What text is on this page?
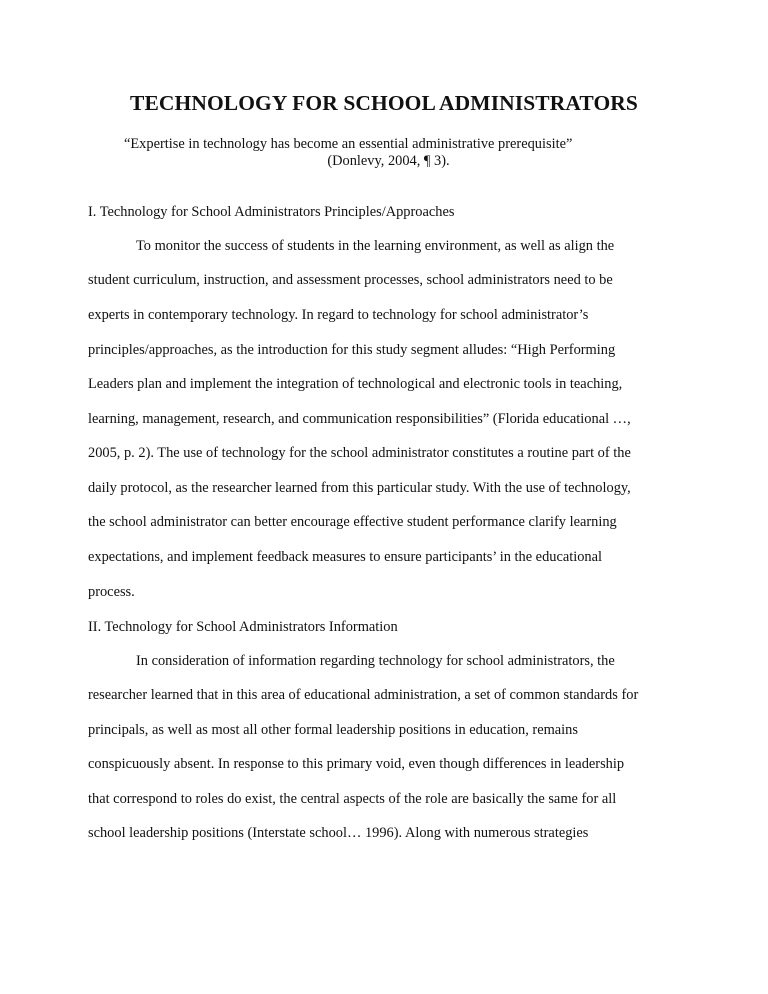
TECHNOLOGY FOR SCHOOL ADMINISTRATORS
“Expertise in technology has become an essential administrative prerequisite”
(Donlevy, 2004, ¶ 3).
I. Technology for School Administrators Principles/Approaches

To monitor the success of students in the learning environment, as well as align the

student curriculum, instruction, and assessment processes, school administrators need to be

experts in contemporary technology. In regard to technology for school administrator’s

principles/approaches, as the introduction for this study segment alludes: “High Performing

Leaders plan and implement the integration of technological and electronic tools in teaching,

learning, management, research, and communication responsibilities” (Florida educational …,

2005, p. 2). The use of technology for the school administrator constitutes a routine part of the

daily protocol, as the researcher learned from this particular study. With the use of technology,

the school administrator can better encourage effective student performance clarify learning

expectations, and implement feedback measures to ensure participants’ in the educational

process.

II. Technology for School Administrators Information

In consideration of information regarding technology for school administrators, the

researcher learned that in this area of educational administration, a set of common standards for

principals, as well as most all other formal leadership positions in education, remains

conspicuously absent. In response to this primary void, even though differences in leadership

that correspond to roles do exist, the central aspects of the role are basically the same for all

school leadership positions (Interstate school… 1996). Along with numerous strategies
